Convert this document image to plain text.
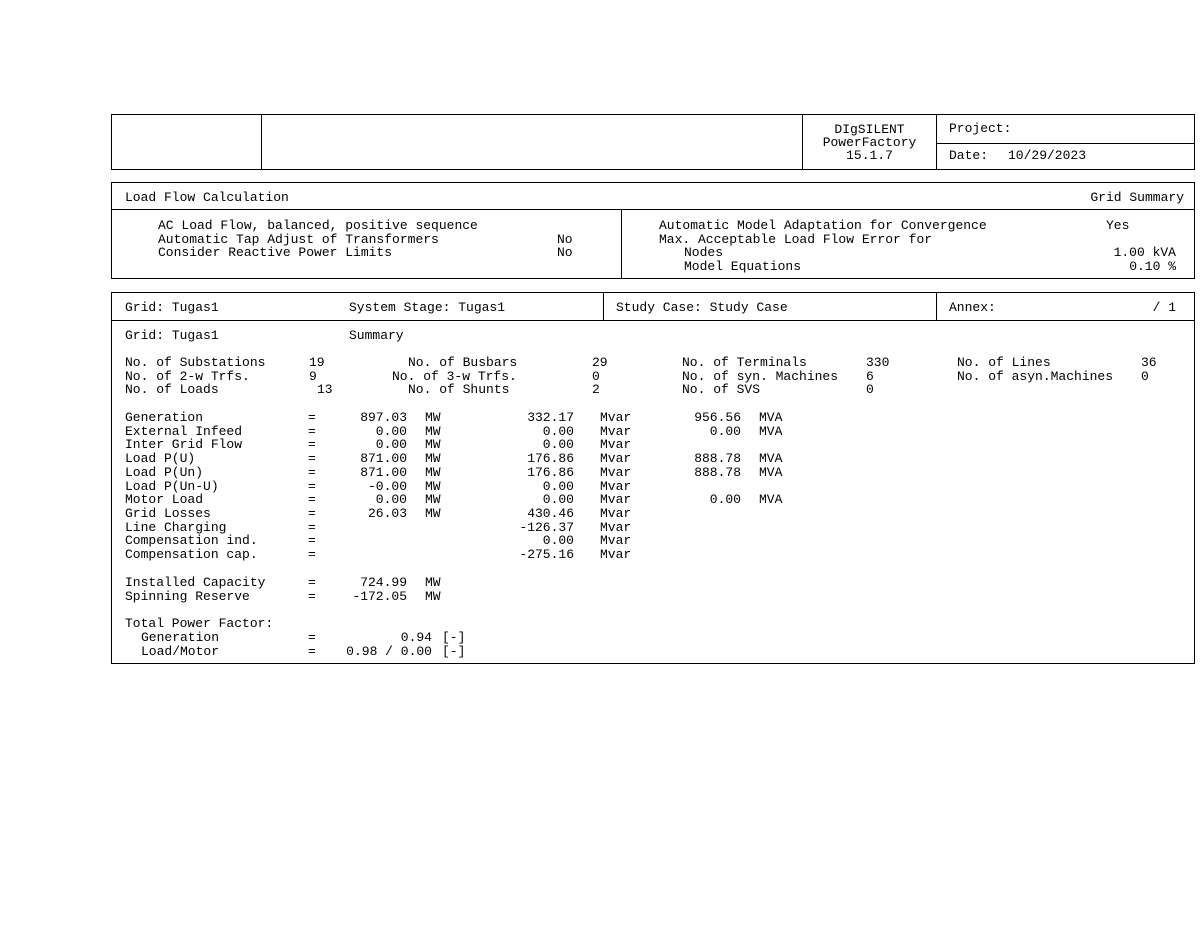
DIgSILENT
PowerFactory
15.1.7
Project:
Date: 10/29/2023
Load Flow Calculation	Grid Summary
AC Load Flow, balanced, positive sequence
Automatic Tap Adjust of Transformers	No
Consider Reactive Power Limits	No
Automatic Model Adaptation for Convergence	Yes
Max. Acceptable Load Flow Error for
Nodes	1.00 kVA
Model Equations	0.10 %
Grid: Tugas1	System Stage: Tugas1	Study Case: Study Case	Annex:	/ 1
Grid: Tugas1	Summary
No. of Substations	19	No. of Busbars	29	No. of Terminals	330	No. of Lines	36
No. of 2-w Trfs.	9	No. of 3-w Trfs.	0	No. of syn. Machines 6	No. of asyn.Machines 0
No. of Loads	13	No. of Shunts	2	No. of SVS	0
Generation	=	897.03 MW	332.17 Mvar	956.56 MVA
External Infeed	=	0.00 MW	0.00 Mvar	0.00 MVA
Inter Grid Flow	=	0.00 MW	0.00 Mvar
Load P(U)	=	871.00 MW	176.86 Mvar	888.78 MVA
Load P(Un)	=	871.00 MW	176.86 Mvar	888.78 MVA
Load P(Un-U)	=	-0.00 MW	0.00 Mvar
Motor Load	=	0.00 MW	0.00 Mvar	0.00 MVA
Grid Losses	=	26.03 MW	430.46 Mvar
Line Charging	=	-126.37 Mvar
Compensation ind.	=	0.00 Mvar
Compensation cap.	=	-275.16 Mvar
Installed Capacity	=	724.99 MW
Spinning Reserve	=	-172.05 MW
Total Power Factor:
Generation	=	0.94 [-]
Load/Motor	= 0.98 / 0.00 [-]
